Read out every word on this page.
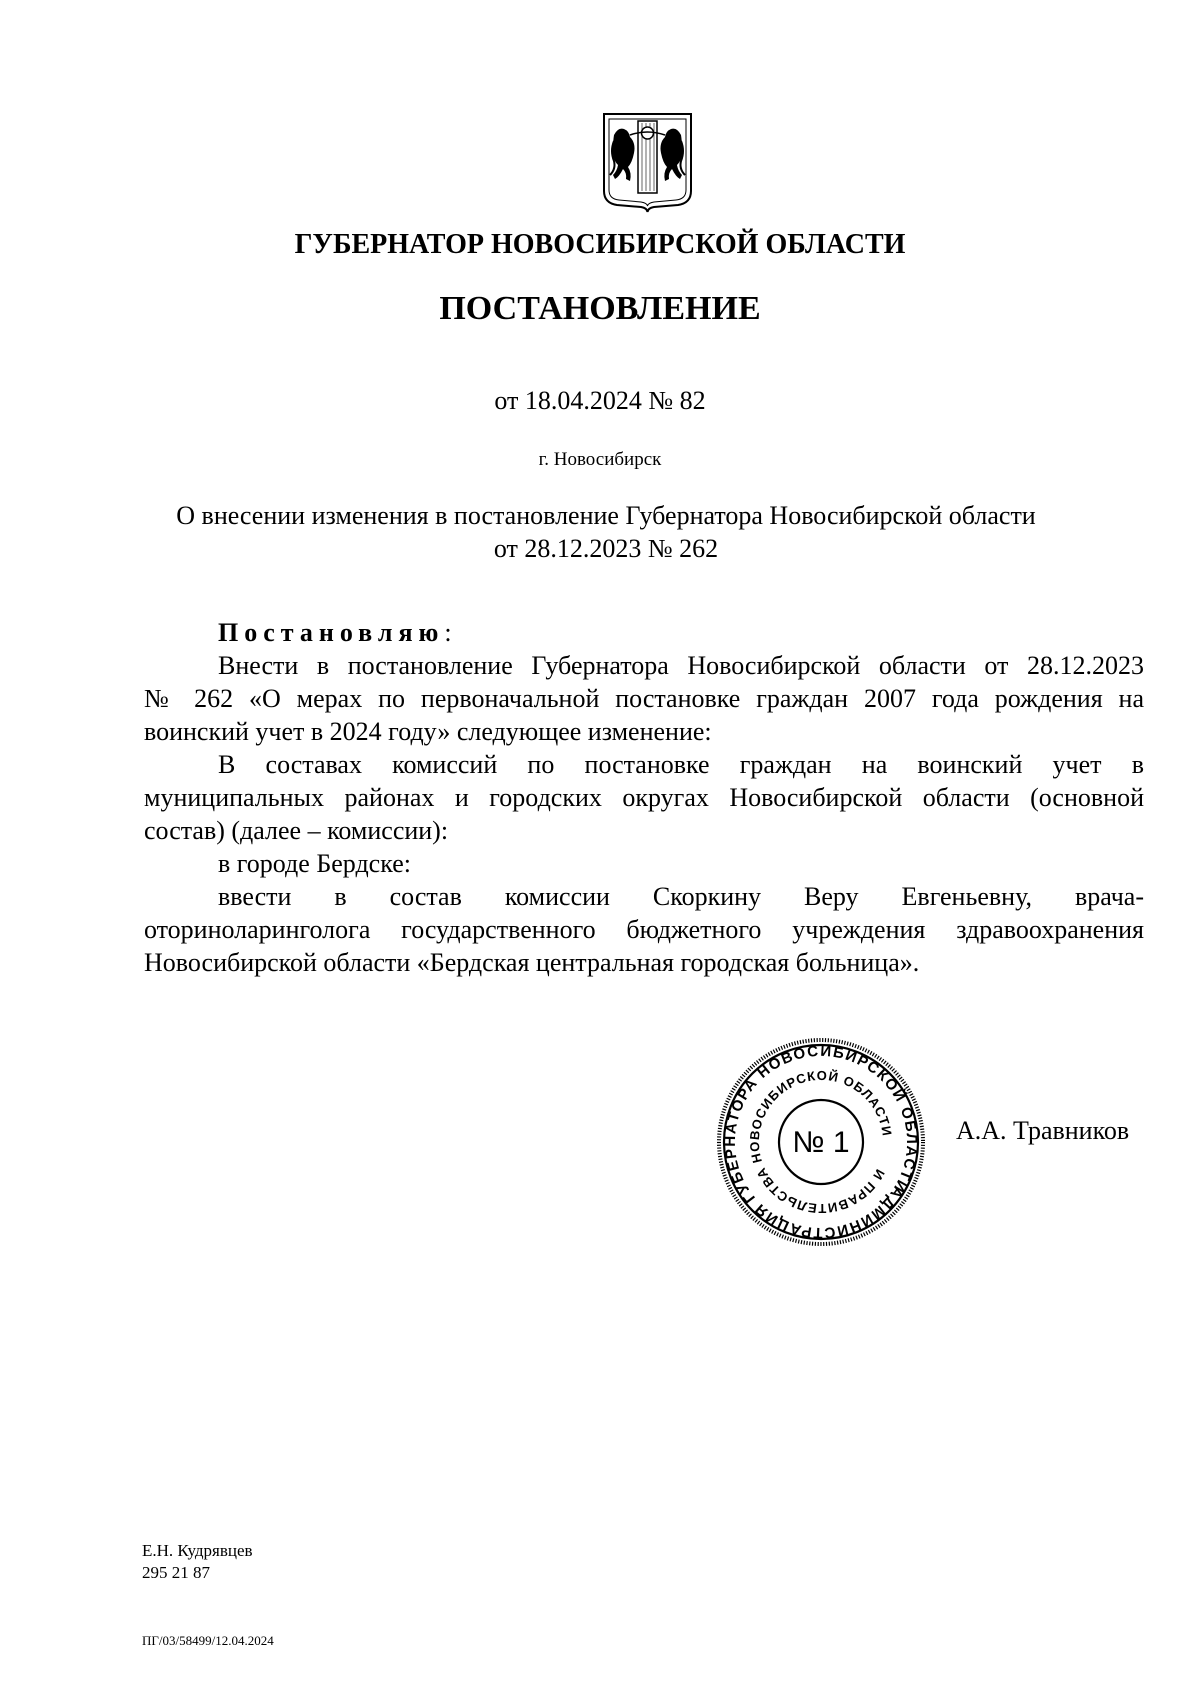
ГУБЕРНАТОР НОВОСИБИРСКОЙ ОБЛАСТИ
ПОСТАНОВЛЕНИЕ
от 18.04.2024 № 82
г. Новосибирск
О внесении изменения в постановление Губернатора Новосибирской области
от 28.12.2023 № 262
Постановляю:
Внести в постановление Губернатора Новосибирской области от 28.12.2023
№ 262 «О мерах по первоначальной постановке граждан 2007 года рождения на
воинский учет в 2024 году» следующее изменение:
В составах комиссий по постановке граждан на воинский учет в
муниципальных районах и городских округах Новосибирской области (основной
состав) (далее – комиссии):
в городе Бердске:
ввести в состав комиссии Скоркину Веру Евгеньевну, врача-
оториноларинголога государственного бюджетного учреждения здравоохранения
Новосибирской области «Бердская центральная городская больница».
АДМИНИСТРАЦИЯ ГУБЕРНАТОРА НОВОСИБИРСКОЙ ОБЛАСТИ
И ПРАВИТЕЛЬСТВА НОВОСИБИРСКОЙ ОБЛАСТИ
№ 1	А.А. Травников
Е.Н. Кудрявцев
295 21 87
ПГ/03/58499/12.04.2024
